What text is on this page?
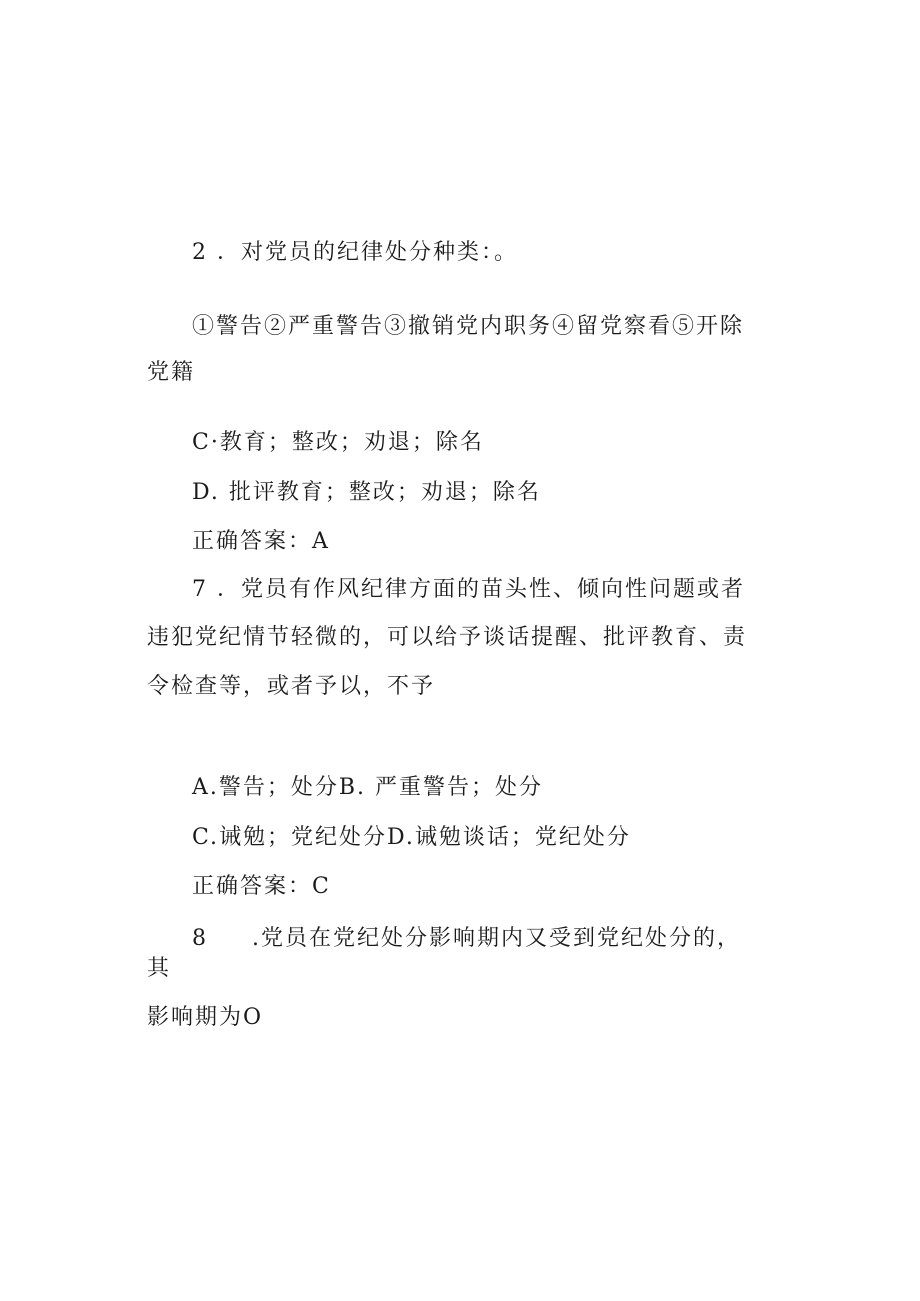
2 ．对党员的纪律处分种类：。
①警告②严重警告③撤销党内职务④留党察看⑤开除
党籍
C·教育；整改；劝退；除名
D. 批评教育；整改；劝退；除名
正确答案：A
7 ．党员有作风纪律方面的苗头性、倾向性问题或者
违犯党纪情节轻微的，可以给予谈话提醒、批评教育、责
令检查等，或者予以，不予
A.警告；处分B. 严重警告；处分
C.诫勉；党纪处分D.诫勉谈话；党纪处分
正确答案：C
8 .党员在党纪处分影响期内又受到党纪处分的，
其
影响期为O
